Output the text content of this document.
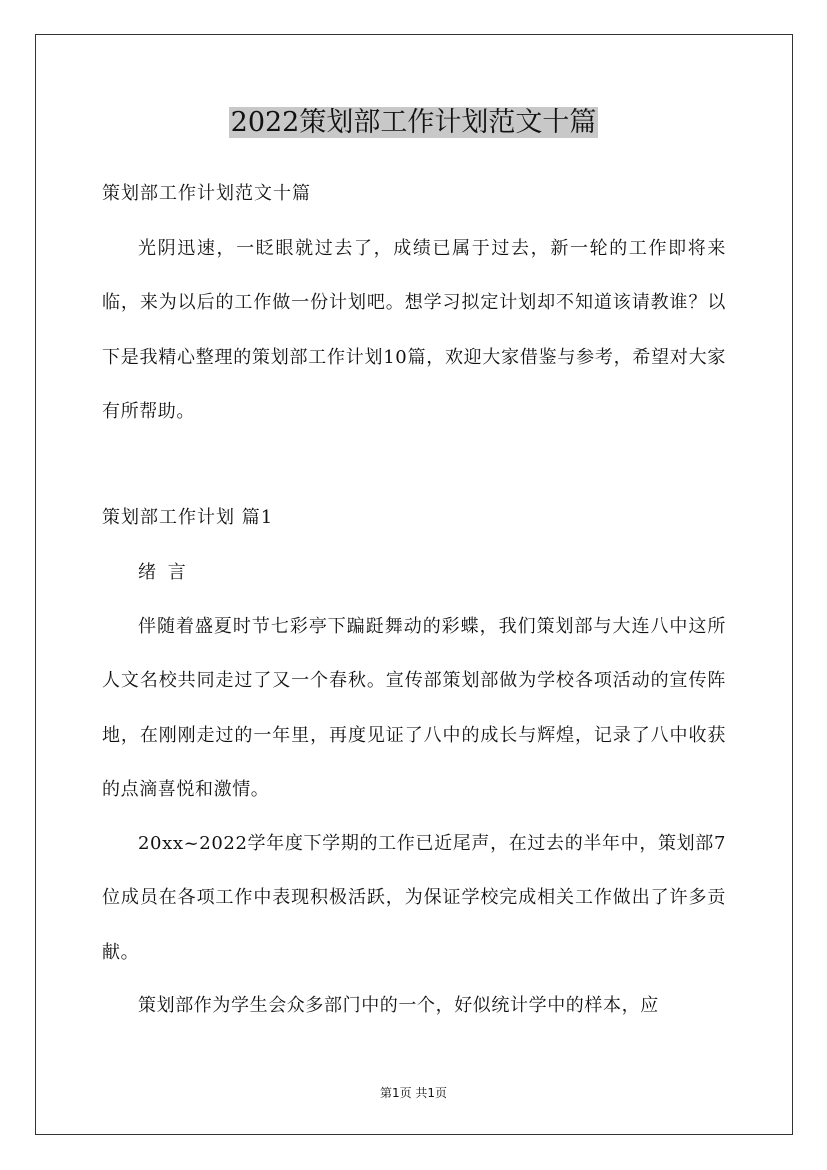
2022策划部工作计划范文十篇
策划部工作计划范文十篇

光阴迅速，一眨眼就过去了，成绩已属于过去，新一轮的工作即将来临，来为以后的工作做一份计划吧。想学习拟定计划却不知道该请教谁？以下是我精心整理的策划部工作计划10篇，欢迎大家借鉴与参考，希望对大家有所帮助。

策划部工作计划 篇1

绪 言

伴随着盛夏时节七彩亭下蹁跹舞动的彩蝶，我们策划部与大连八中这所人文名校共同走过了又一个春秋。宣传部策划部做为学校各项活动的宣传阵地，在刚刚走过的一年里，再度见证了八中的成长与辉煌，记录了八中收获的点滴喜悦和激情。

20xx~2022学年度下学期的工作已近尾声，在过去的半年中，策划部7位成员在各项工作中表现积极活跃，为保证学校完成相关工作做出了许多贡献。

策划部作为学生会众多部门中的一个，好似统计学中的样本，应

第1页 共1页
